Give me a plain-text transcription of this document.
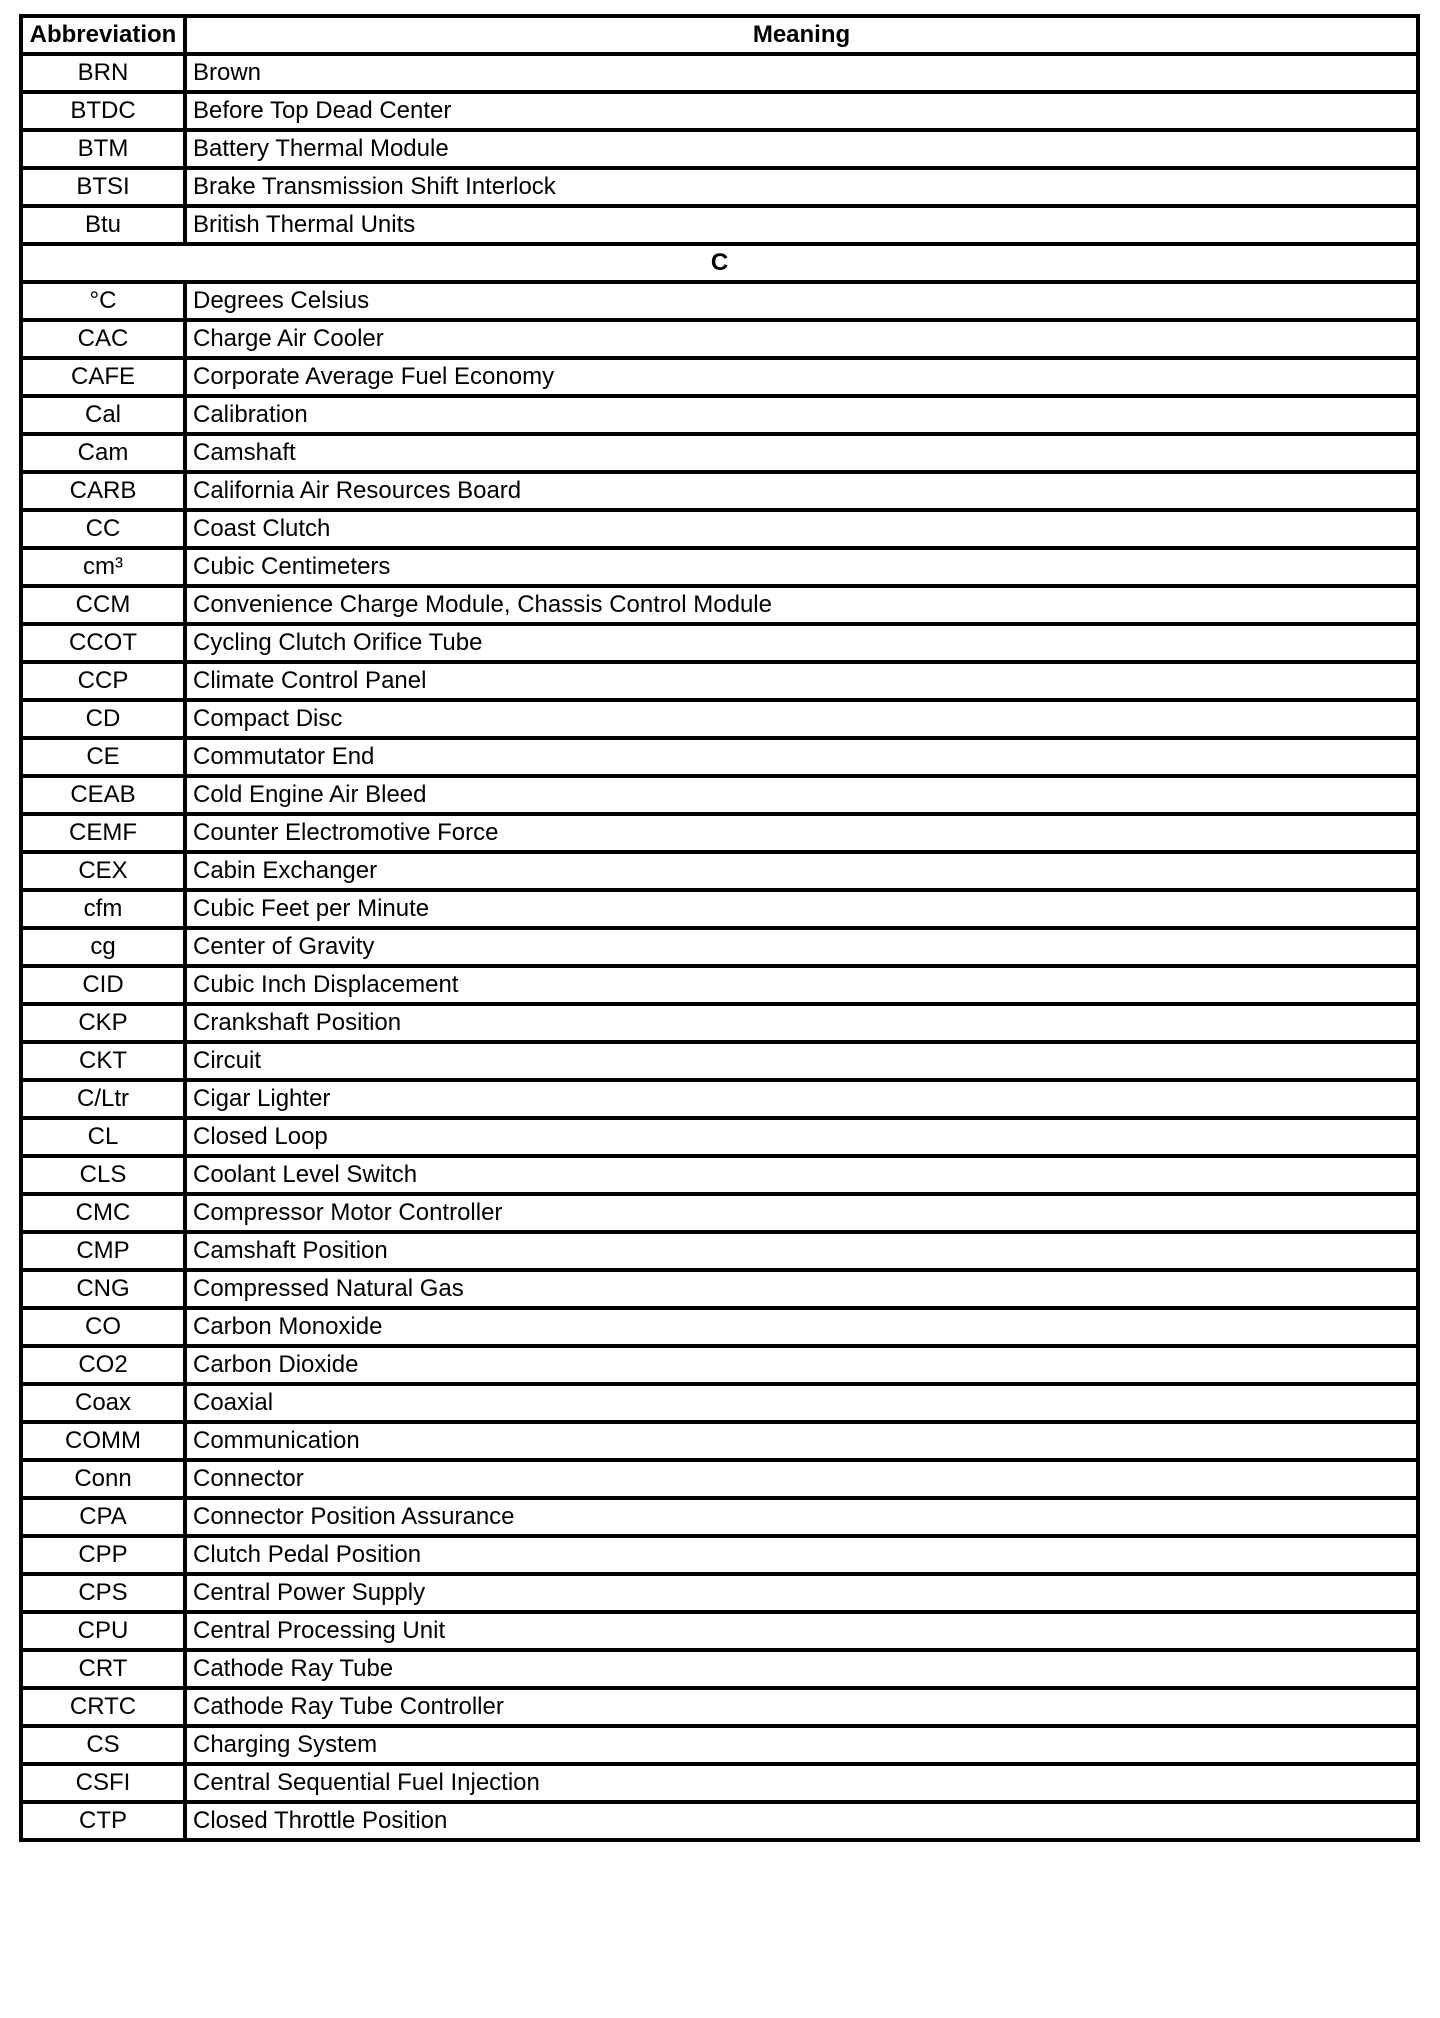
Abbreviation	Meaning
BRN	Brown
BTDC	Before Top Dead Center
BTM	Battery Thermal Module
BTSI	Brake Transmission Shift Interlock
Btu	British Thermal Units
C	
°C	Degrees Celsius
CAC	Charge Air Cooler
CAFE	Corporate Average Fuel Economy
Cal	Calibration
Cam	Camshaft
CARB	California Air Resources Board
CC	Coast Clutch
cm³	Cubic Centimeters
CCM	Convenience Charge Module, Chassis Control Module
CCOT	Cycling Clutch Orifice Tube
CCP	Climate Control Panel
CD	Compact Disc
CE	Commutator End
CEAB	Cold Engine Air Bleed
CEMF	Counter Electromotive Force
CEX	Cabin Exchanger
cfm	Cubic Feet per Minute
cg	Center of Gravity
CID	Cubic Inch Displacement
CKP	Crankshaft Position
CKT	Circuit
C/Ltr	Cigar Lighter
CL	Closed Loop
CLS	Coolant Level Switch
CMC	Compressor Motor Controller
CMP	Camshaft Position
CNG	Compressed Natural Gas
CO	Carbon Monoxide
CO2	Carbon Dioxide
Coax	Coaxial
COMM	Communication
Conn	Connector
CPA	Connector Position Assurance
CPP	Clutch Pedal Position
CPS	Central Power Supply
CPU	Central Processing Unit
CRT	Cathode Ray Tube
CRTC	Cathode Ray Tube Controller
CS	Charging System
CSFI	Central Sequential Fuel Injection
CTP	Closed Throttle Position
